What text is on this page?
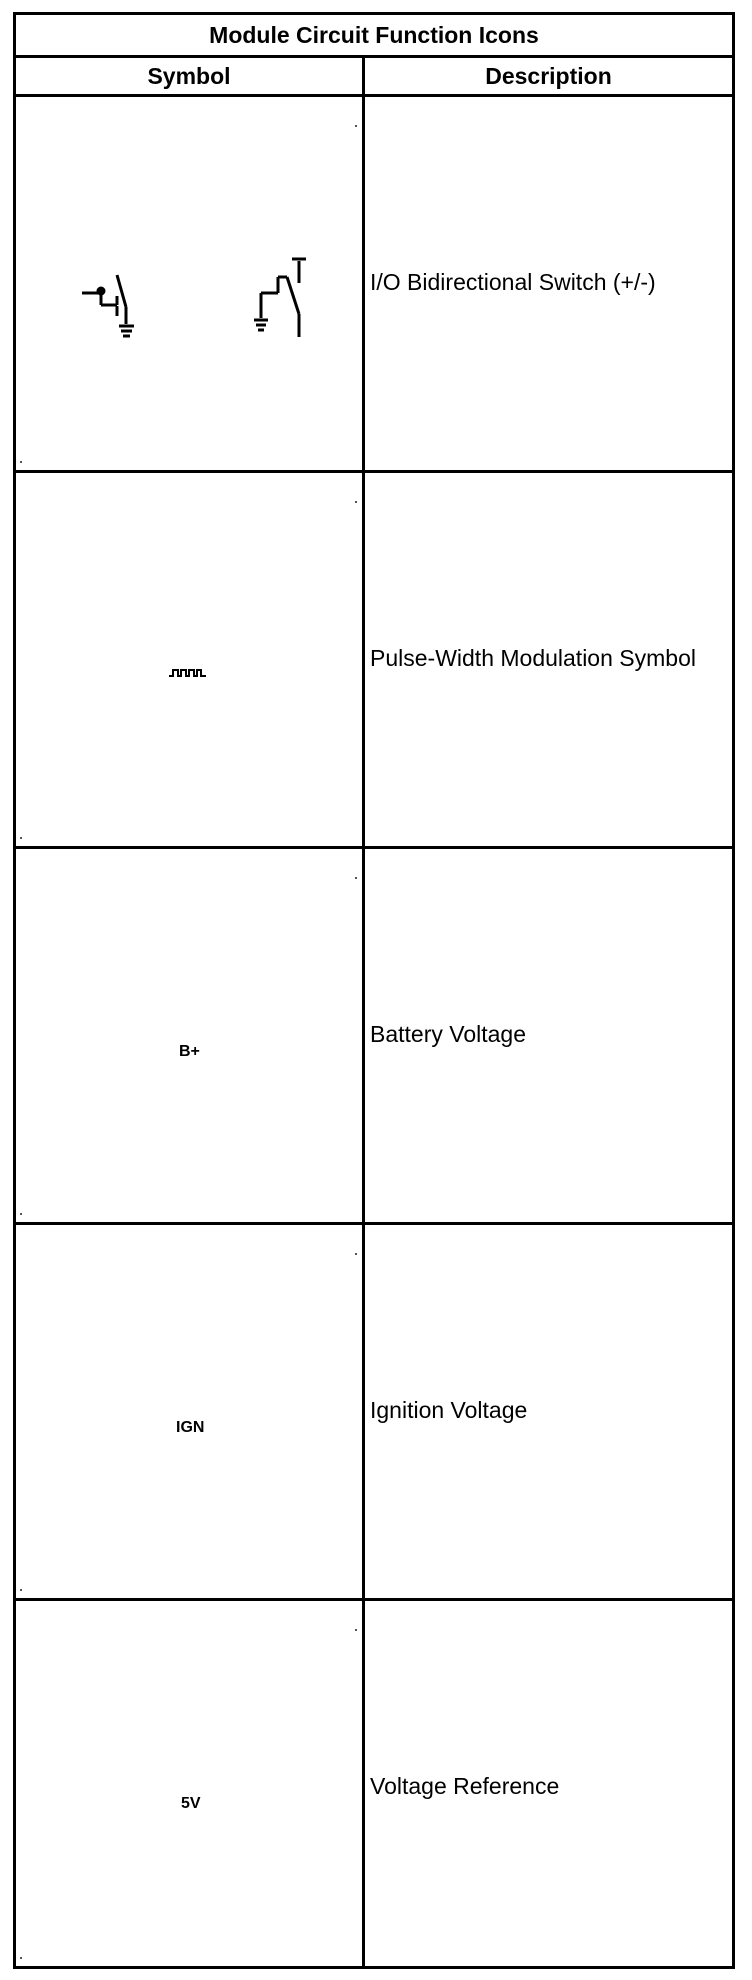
Module Circuit Function Icons
Symbol	Description
I/O Bidirectional Switch (+/-)
Pulse-Width Modulation Symbol
B+
Battery Voltage
IGN
Ignition Voltage
5V
Voltage Reference
